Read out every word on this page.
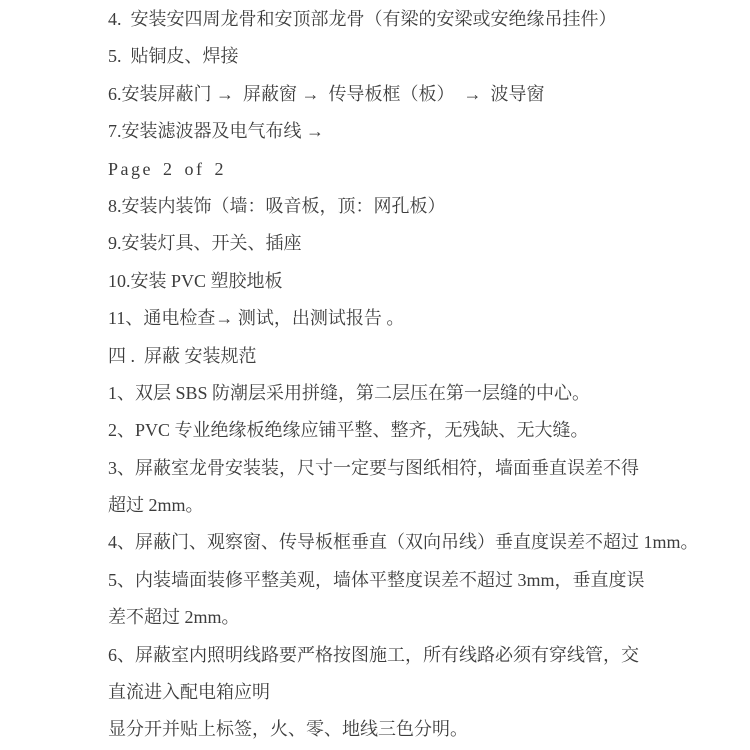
4.  安装安四周龙骨和安顶部龙骨（有梁的安梁或安绝缘吊挂件）
5.  贴铜皮、焊接
6.安装屏蔽门 →  屏蔽窗 →  传导板框（板）  →  波导窗
7.安装滤波器及电气布线 →
Page 2 of 2
8.安装内装饰（墙：吸音板，顶：网孔板）
9.安装灯具、开关、插座
10.安装 PVC 塑胶地板
11、通电检查→ 测试，出测试报告 。
四 .  屏蔽 安装规范
1、双层 SBS 防潮层采用拼缝，第二层压在第一层缝的中心。
2、PVC 专业绝缘板绝缘应铺平整、整齐，无残缺、无大缝。
3、屏蔽室龙骨安装装，尺寸一定要与图纸相符，墙面垂直误差不得
超过 2mm。
4、屏蔽门、观察窗、传导板框垂直（双向吊线）垂直度误差不超过 1mm。
5、内装墙面装修平整美观，墙体平整度误差不超过 3mm，垂直度误
差不超过 2mm。
6、屏蔽室内照明线路要严格按图施工，所有线路必须有穿线管，交
直流进入配电箱应明
显分开并贴上标签，火、零、地线三色分明。
